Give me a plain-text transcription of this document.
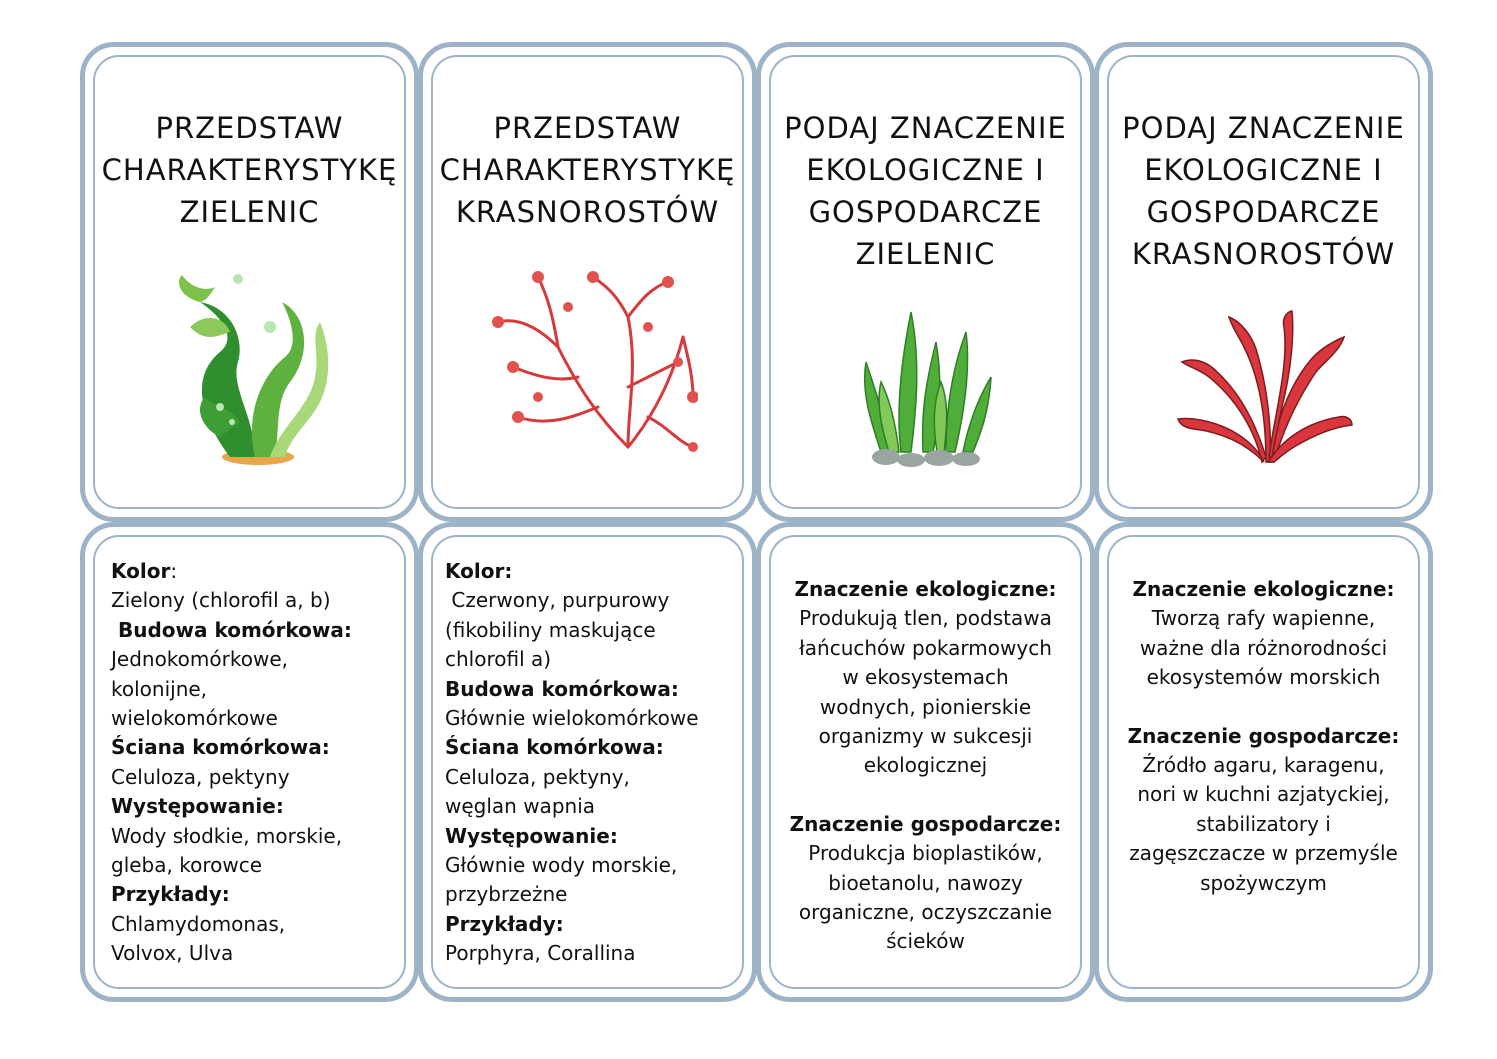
PRZEDSTAW
CHARAKTERYSTYKĘ
ZIELENIC
PRZEDSTAW
CHARAKTERYSTYKĘ
KRASNOROSTÓW
PODAJ ZNACZENIE
EKOLOGICZNE I
GOSPODARCZE
ZIELENIC
PODAJ ZNACZENIE
EKOLOGICZNE I
GOSPODARCZE
KRASNOROSTÓW
Kolor:
Zielony (chlorofil a, b)
Budowa komórkowa:
Jednokomórkowe,
kolonijne,
wielokomórkowe
Ściana komórkowa:
Celuloza, pektyny
Występowanie:
Wody słodkie, morskie,
gleba, korowce
Przykłady:
Chlamydomonas,
Volvox, Ulva
Kolor:
Czerwony, purpurowy
(fikobiliny maskujące
chlorofil a)
Budowa komórkowa:
Głównie wielokomórkowe
Ściana komórkowa:
Celuloza, pektyny,
węglan wapnia
Występowanie:
Głównie wody morskie,
przybrzeżne
Przykłady:
Porphyra, Corallina
Znaczenie ekologiczne:
Produkują tlen, podstawa
łańcuchów pokarmowych
w ekosystemach
wodnych, pionierskie
organizmy w sukcesji
ekologicznej
Znaczenie gospodarcze:
Produkcja bioplastików,
bioetanolu, nawozy
organiczne, oczyszczanie
ścieków
Znaczenie ekologiczne:
Tworzą rafy wapienne,
ważne dla różnorodności
ekosystemów morskich
Znaczenie gospodarcze:
Źródło agaru, karagenu,
nori w kuchni azjatyckiej,
stabilizatory i
zagęszczacze w przemyśle
spożywczym
